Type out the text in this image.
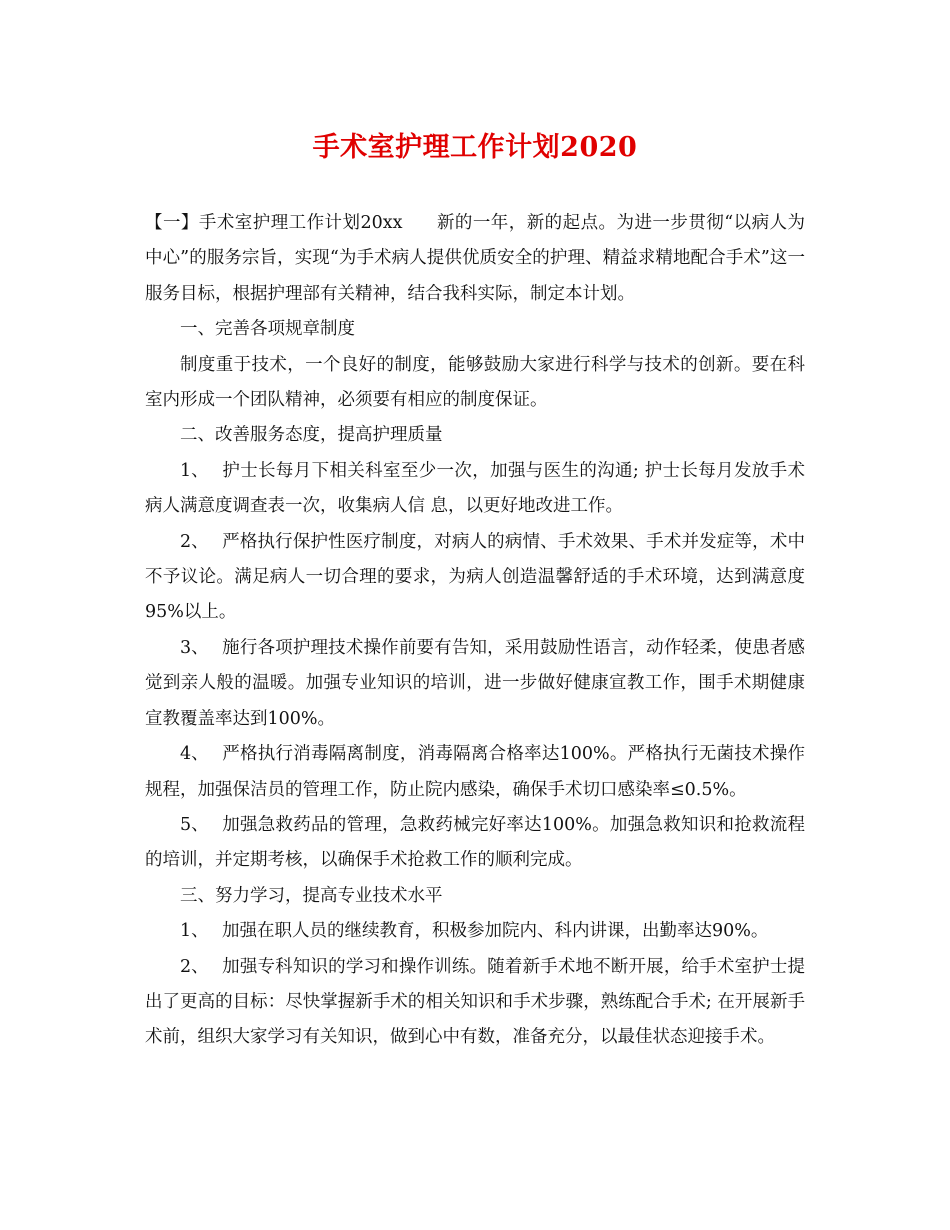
手术室护理工作计划2020

【一】手术室护理工作计划20xx 新的一年，新的起点。为进一步贯彻“以病人为中心”的服务宗旨，实现“为手术病人提供优质安全的护理、精益求精地配合手术”这一服务目标，根据护理部有关精神，结合我科实际，制定本计划。

一、完善各项规章制度

制度重于技术，一个良好的制度，能够鼓励大家进行科学与技术的创新。要在科室内形成一个团队精神，必须要有相应的制度保证。

二、改善服务态度，提高护理质量

1、 护士长每月下相关科室至少一次，加强与医生的沟通; 护士长每月发放手术病人满意度调查表一次，收集病人信 息，以更好地改进工作。

2、 严格执行保护性医疗制度，对病人的病情、手术效果、手术并发症等，术中不予议论。满足病人一切合理的要求，为病人创造温馨舒适的手术环境，达到满意度95%以上。

3、 施行各项护理技术操作前要有告知，采用鼓励性语言，动作轻柔，使患者感觉到亲人般的温暖。加强专业知识的培训，进一步做好健康宣教工作，围手术期健康宣教覆盖率达到100%。

4、 严格执行消毒隔离制度，消毒隔离合格率达100%。严格执行无菌技术操作规程，加强保洁员的管理工作，防止院内感染，确保手术切口感染率≤0.5%。

5、 加强急救药品的管理，急救药械完好率达100%。加强急救知识和抢救流程的培训，并定期考核，以确保手术抢救工作的顺利完成。

三、努力学习，提高专业技术水平

1、 加强在职人员的继续教育，积极参加院内、科内讲课，出勤率达90%。

2、 加强专科知识的学习和操作训练。随着新手术地不断开展，给手术室护士提出了更高的目标：尽快掌握新手术的相关知识和手术步骤，熟练配合手术; 在开展新手术前，组织大家学习有关知识，做到心中有数，准备充分，以最佳状态迎接手术。
